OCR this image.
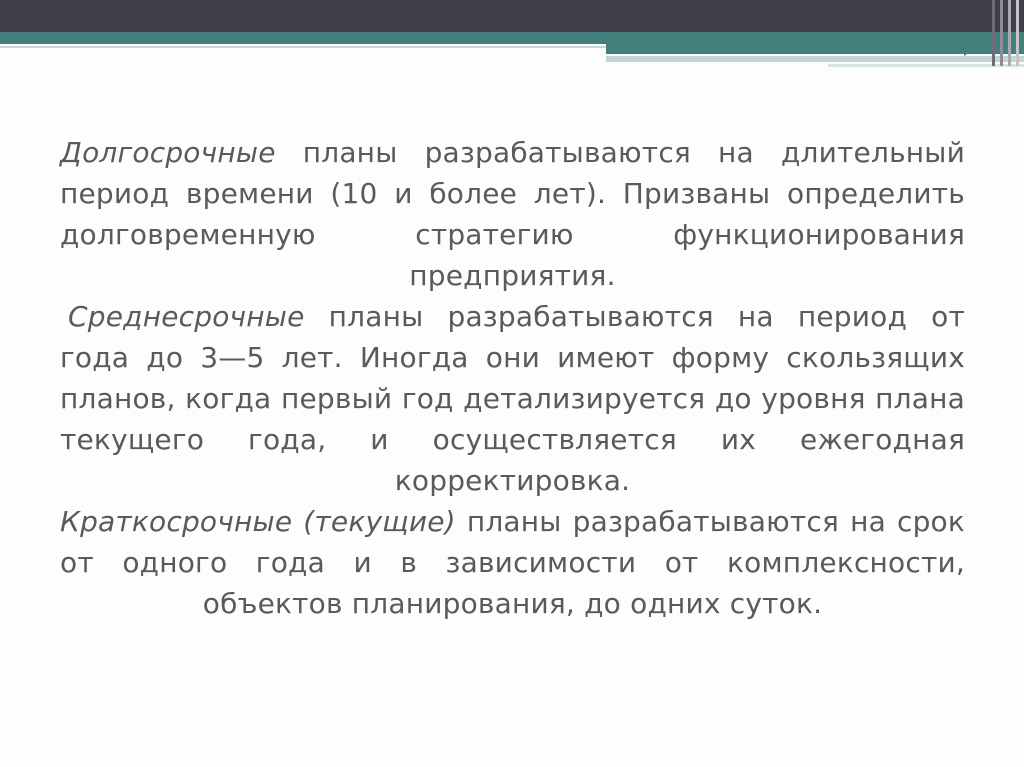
Долгосрочные планы разрабатываются на длительный период времени (10 и более лет). Призваны определить долговременную стратегию функционирования предприятия.

Среднесрочные планы разрабатываются на период от года до 3—5 лет. Иногда они имеют форму скользящих планов, когда первый год детализируется до уровня плана текущего года, и осуществляется их ежегодная корректировка.

Краткосрочные (текущие) планы разрабатываются на срок от одного года и в зависимости от комплексности, объектов планирования, до одних суток.
